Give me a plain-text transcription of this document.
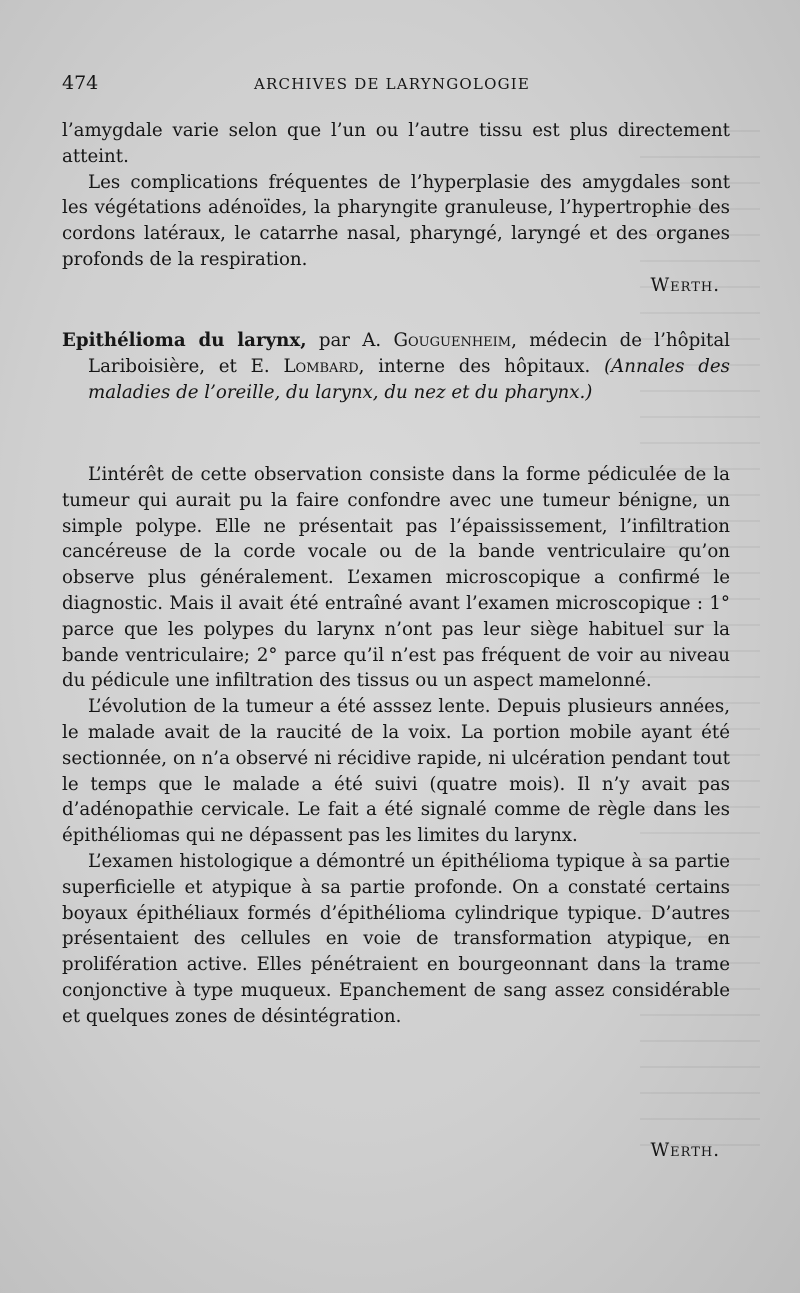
474	ARCHIVES DE LARYNGOLOGIE

l’amygdale varie selon que l’un ou l’autre tissu est plus directement atteint.

Les complications fréquentes de l’hyperplasie des amygdales sont les végétations adénoïdes, la pharyngite granuleuse, l’hypertrophie des cordons latéraux, le catarrhe nasal, pharyngé, laryngé et des organes profonds de la respiration.

Werth.

Epithélioma du larynx, par A. Gouguenheim, médecin de l’hôpital Lariboisière, et E. Lombard, interne des hôpitaux. (Annales des maladies de l’oreille, du larynx, du nez et du pharynx.)

L’intérêt de cette observation consiste dans la forme pédiculée de la tumeur qui aurait pu la faire confondre avec une tumeur bénigne, un simple polype. Elle ne présentait pas l’épaississement, l’infiltration cancéreuse de la corde vocale ou de la bande ventriculaire qu’on observe plus généralement. L’examen microscopique a confirmé le diagnostic. Mais il avait été entraîné avant l’examen microscopique : 1° parce que les polypes du larynx n’ont pas leur siège habituel sur la bande ventriculaire; 2° parce qu’il n’est pas fréquent de voir au niveau du pédicule une infiltration des tissus ou un aspect mamelonné.

L’évolution de la tumeur a été asssez lente. Depuis plusieurs années, le malade avait de la raucité de la voix. La portion mobile ayant été sectionnée, on n’a observé ni récidive rapide, ni ulcération pendant tout le temps que le malade a été suivi (quatre mois). Il n’y avait pas d’adénopathie cervicale. Le fait a été signalé comme de règle dans les épithéliomas qui ne dépassent pas les limites du larynx.

L’examen histologique a démontré un épithélioma typique à sa partie superficielle et atypique à sa partie profonde. On a constaté certains boyaux épithéliaux formés d’épithélioma cylindrique typique. D’autres présentaient des cellules en voie de transformation atypique, en prolifération active. Elles pénétraient en bourgeonnant dans la trame conjonctive à type muqueux. Epanchement de sang assez considérable et quelques zones de désintégration.

Werth.
